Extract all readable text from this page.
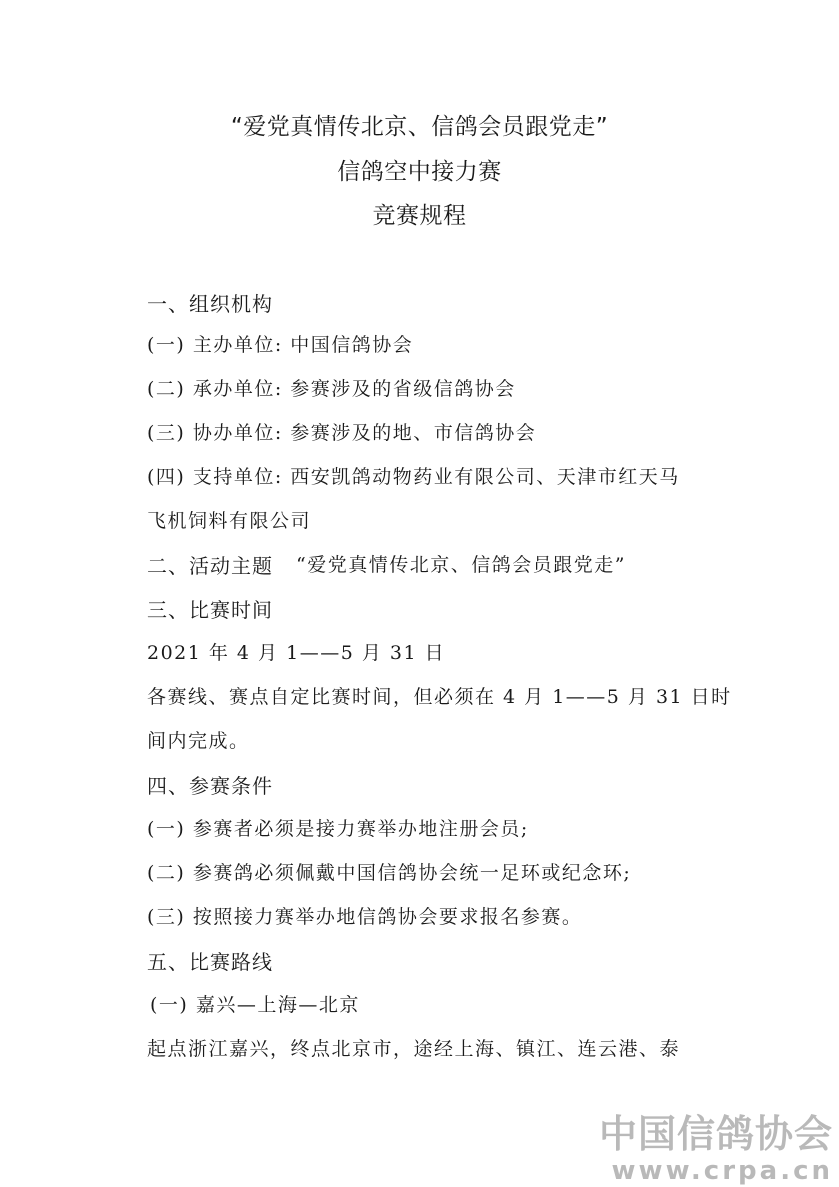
“爱党真情传北京、信鸽会员跟党走”
信鸽空中接力赛
竞赛规程
一、组织机构
(一) 主办单位: 中国信鸽协会
(二) 承办单位: 参赛涉及的省级信鸽协会
(三) 协办单位: 参赛涉及的地、市信鸽协会
(四) 支持单位: 西安凯鸽动物药业有限公司、天津市红天马
飞机饲料有限公司
二、活动主题 “爱党真情传北京、信鸽会员跟党走”
三、比赛时间
2021 年 4 月 1——5 月 31 日
各赛线、赛点自定比赛时间，但必须在 4 月 1——5 月 31 日时
间内完成。
四、参赛条件
(一) 参赛者必须是接力赛举办地注册会员;
(二) 参赛鸽必须佩戴中国信鸽协会统一足环或纪念环;
(三) 按照接力赛举办地信鸽协会要求报名参赛。
五、比赛路线
(一) 嘉兴—上海—北京
起点浙江嘉兴，终点北京市，途经上海、镇江、连云港、泰
中国信鸽协会
www.crpa.cn
